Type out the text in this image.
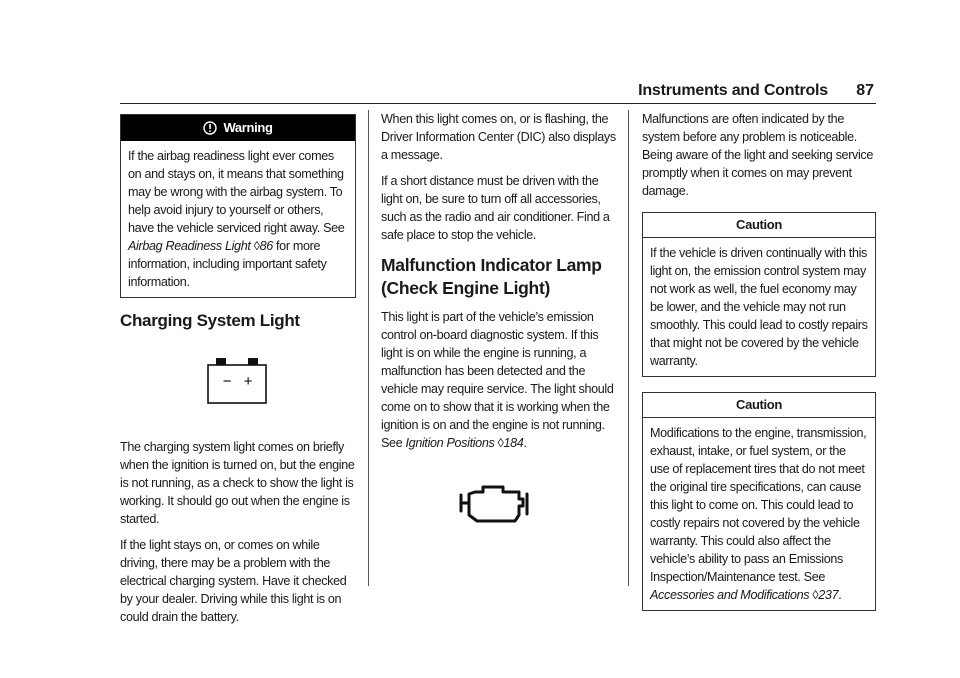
Instruments and Controls 87
Warning
If the airbag readiness light ever comes on and stays on, it means that something may be wrong with the airbag system. To help avoid injury to yourself or others, have the vehicle serviced right away. See Airbag Readiness Light ◊86 for more information, including important safety information.
Charging System Light
− +

The charging system light comes on briefly when the ignition is turned on, but the engine is not running, as a check to show the light is working. It should go out when the engine is started.

If the light stays on, or comes on while driving, there may be a problem with the electrical charging system. Have it checked by your dealer. Driving while this light is on could drain the battery.

When this light comes on, or is flashing, the Driver Information Center (DIC) also displays a message.

If a short distance must be driven with the light on, be sure to turn off all accessories, such as the radio and air conditioner. Find a safe place to stop the vehicle.

Malfunction Indicator Lamp (Check Engine Light)

This light is part of the vehicle’s emission control on-board diagnostic system. If this light is on while the engine is running, a malfunction has been detected and the vehicle may require service. The light should come on to show that it is working when the ignition is on and the engine is not running. See Ignition Positions ◊184.

Malfunctions are often indicated by the system before any problem is noticeable. Being aware of the light and seeking service promptly when it comes on may prevent damage.

Caution
If the vehicle is driven continually with this light on, the emission control system may not work as well, the fuel economy may be lower, and the vehicle may not run smoothly. This could lead to costly repairs that might not be covered by the vehicle warranty.
Caution
Modifications to the engine, transmission, exhaust, intake, or fuel system, or the use of replacement tires that do not meet the original tire specifications, can cause this light to come on. This could lead to costly repairs not covered by the vehicle warranty. This could also affect the vehicle’s ability to pass an Emissions Inspection/Maintenance test. See Accessories and Modifications ◊237.
